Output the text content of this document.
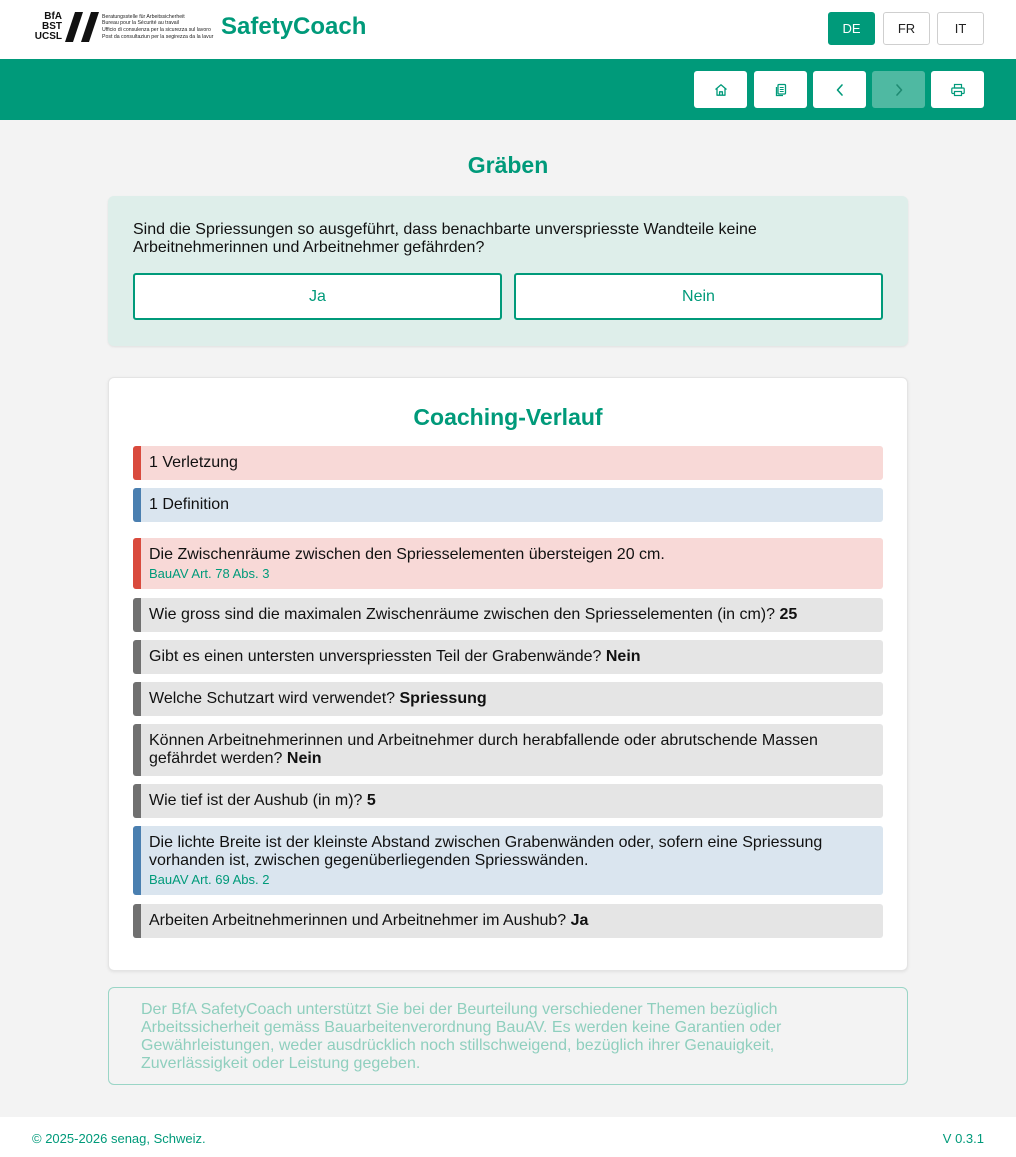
BfA
BST
UCSL
Beratungsstelle für Arbeitssicherheit
Bureau pour la Sécurité au travail
Ufficio di consulenza per la sicurezza sul lavoro
Post da consultaziun per la segirezza da la lavur SafetyCoach	DE	FR	IT
Gräben
Sind die Spriessungen so ausgeführt, dass benachbarte unverspriesste Wandteile keine Arbeitnehmerinnen und Arbeitnehmer gefährden?
Ja	Nein
Coaching-Verlauf
1 Verletzung
1 Definition
Die Zwischenräume zwischen den Spriesselementen übersteigen 20 cm.
BauAV Art. 78 Abs. 3
Wie gross sind die maximalen Zwischenräume zwischen den Spriesselementen (in cm)? 25
Gibt es einen untersten unverspriessten Teil der Grabenwände? Nein
Welche Schutzart wird verwendet? Spriessung
Können Arbeitnehmerinnen und Arbeitnehmer durch herabfallende oder abrutschende Massen gefährdet werden? Nein
Wie tief ist der Aushub (in m)? 5
Die lichte Breite ist der kleinste Abstand zwischen Grabenwänden oder, sofern eine Spriessung vorhanden ist, zwischen gegenüberliegenden Spriesswänden.
BauAV Art. 69 Abs. 2
Arbeiten Arbeitnehmerinnen und Arbeitnehmer im Aushub? Ja
Der BfA SafetyCoach unterstützt Sie bei der Beurteilung verschiedener Themen bezüglich Arbeitssicherheit gemäss Bauarbeitenverordnung BauAV. Es werden keine Garantien oder Gewährleistungen, weder ausdrücklich noch stillschweigend, bezüglich ihrer Genauigkeit, Zuverlässigkeit oder Leistung gegeben.
© 2025-2026 senag, Schweiz.	V 0.3.1
